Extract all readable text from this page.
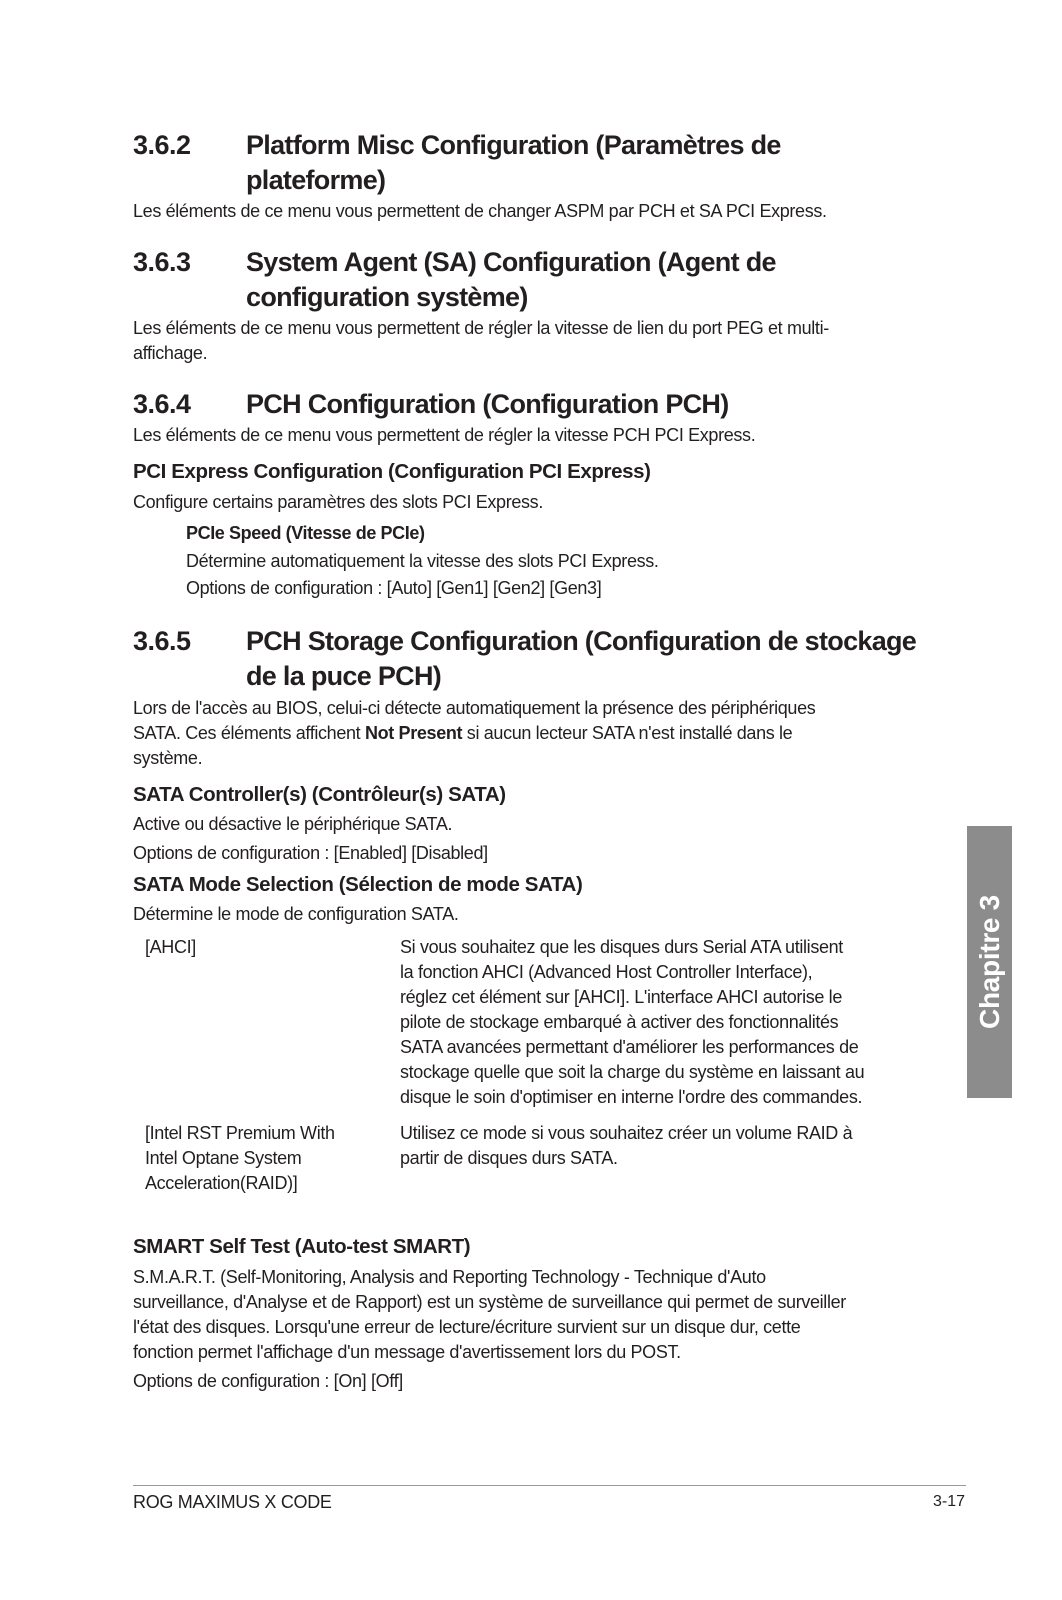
3.6.2 Platform Misc Configuration (Paramètres de
plateforme)
Les éléments de ce menu vous permettent de changer ASPM par PCH et SA PCI Express.
3.6.3 System Agent (SA) Configuration (Agent de
configuration système)
Les éléments de ce menu vous permettent de régler la vitesse de lien du port PEG et multi-
affichage.
3.6.4 PCH Configuration (Configuration PCH)
Les éléments de ce menu vous permettent de régler la vitesse PCH PCI Express.
PCI Express Configuration (Configuration PCI Express)
Configure certains paramètres des slots PCI Express.
PCIe Speed (Vitesse de PCIe)
Détermine automatiquement la vitesse des slots PCI Express.
Options de configuration : [Auto] [Gen1] [Gen2] [Gen3]
3.6.5 PCH Storage Configuration (Configuration de stockage
de la puce PCH)
Lors de l'accès au BIOS, celui-ci détecte automatiquement la présence des périphériques
SATA. Ces éléments affichent Not Present si aucun lecteur SATA n'est installé dans le
système.
SATA Controller(s) (Contrôleur(s) SATA)
Active ou désactive le périphérique SATA.
Options de configuration : [Enabled] [Disabled]
SATA Mode Selection (Sélection de mode SATA)
Détermine le mode de configuration SATA.
[AHCI]	Si vous souhaitez que les disques durs Serial ATA utilisent
la fonction AHCI (Advanced Host Controller Interface),
réglez cet élément sur [AHCI]. L'interface AHCI autorise le
pilote de stockage embarqué à activer des fonctionnalités
SATA avancées permettant d'améliorer les performances de
stockage quelle que soit la charge du système en laissant au
disque le soin d'optimiser en interne l'ordre des commandes.
[Intel RST Premium With
Intel Optane System
Acceleration(RAID)]
Utilisez ce mode si vous souhaitez créer un volume RAID à
partir de disques durs SATA.
SMART Self Test (Auto-test SMART)
S.M.A.R.T. (Self-Monitoring, Analysis and Reporting Technology - Technique d'Auto
surveillance, d'Analyse et de Rapport) est un système de surveillance qui permet de surveiller
l'état des disques. Lorsqu'une erreur de lecture/écriture survient sur un disque dur, cette
fonction permet l'affichage d'un message d'avertissement lors du POST.
Options de configuration : [On] [Off]
Chapitre 3
ROG MAXIMUS X CODE	3-17
